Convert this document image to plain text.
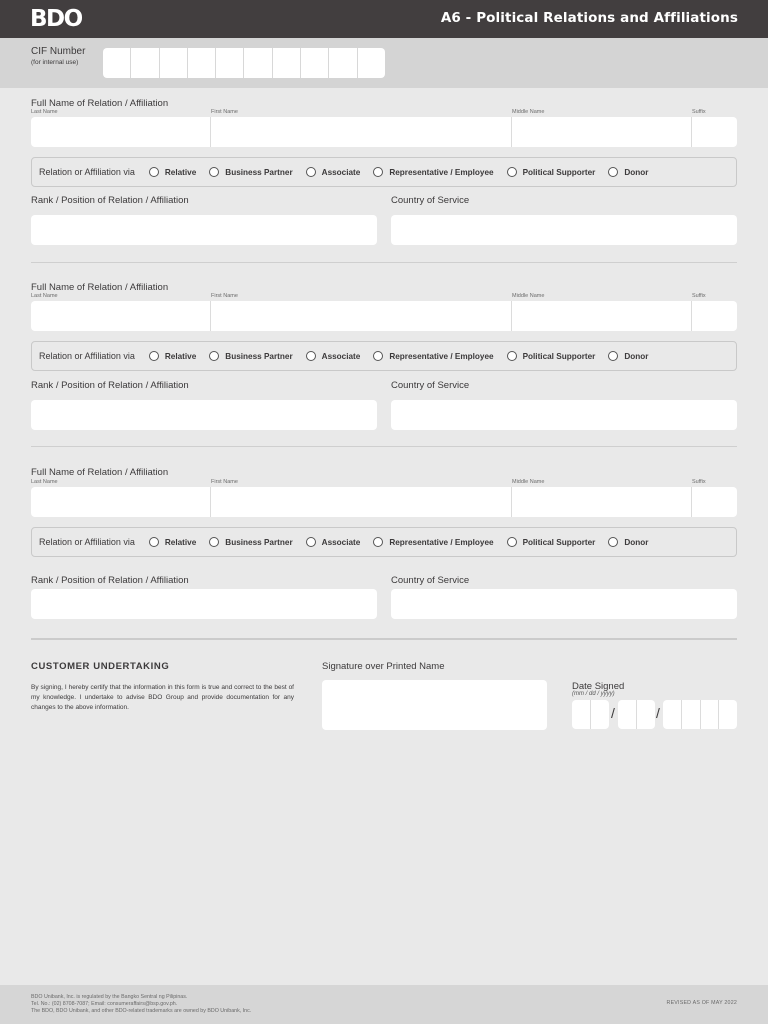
BDO	A6 - Political Relations and Affiliations
CIF Number
(for internal use)
Full Name of Relation / Affiliation
Last Name	First Name	Middle Name	Suffix
Relation or Affiliation via	Relative	Business Partner	Associate	Representative / Employee	Political Supporter	Donor
Rank / Position of Relation / Affiliation	Country of Service
Full Name of Relation / Affiliation
Last Name	First Name	Middle Name	Suffix
Relation or Affiliation via	Relative	Business Partner	Associate	Representative / Employee	Political Supporter	Donor
Rank / Position of Relation / Affiliation	Country of Service
Full Name of Relation / Affiliation
Last Name	First Name	Middle Name	Suffix
Relation or Affiliation via	Relative	Business Partner	Associate	Representative / Employee	Political Supporter	Donor
Rank / Position of Relation / Affiliation	Country of Service
CUSTOMER UNDERTAKING
By signing, I hereby certify that the information in this form is true and correct to the best of my knowledge. I undertake to advise BDO Group and provide documentation for any changes to the above information.
Signature over Printed Name
Date Signed
(mm / dd / yyyy)
/	/
BDO Unibank, Inc. is regulated by the Bangko Sentral ng Pilipinas.
Tel. No.: (02) 8708-7087; Email: consumeraffairs@bsp.gov.ph.
The BDO, BDO Unibank, and other BDO-related trademarks are owned by BDO Unibank, Inc.
REVISED AS OF MAY 2022
